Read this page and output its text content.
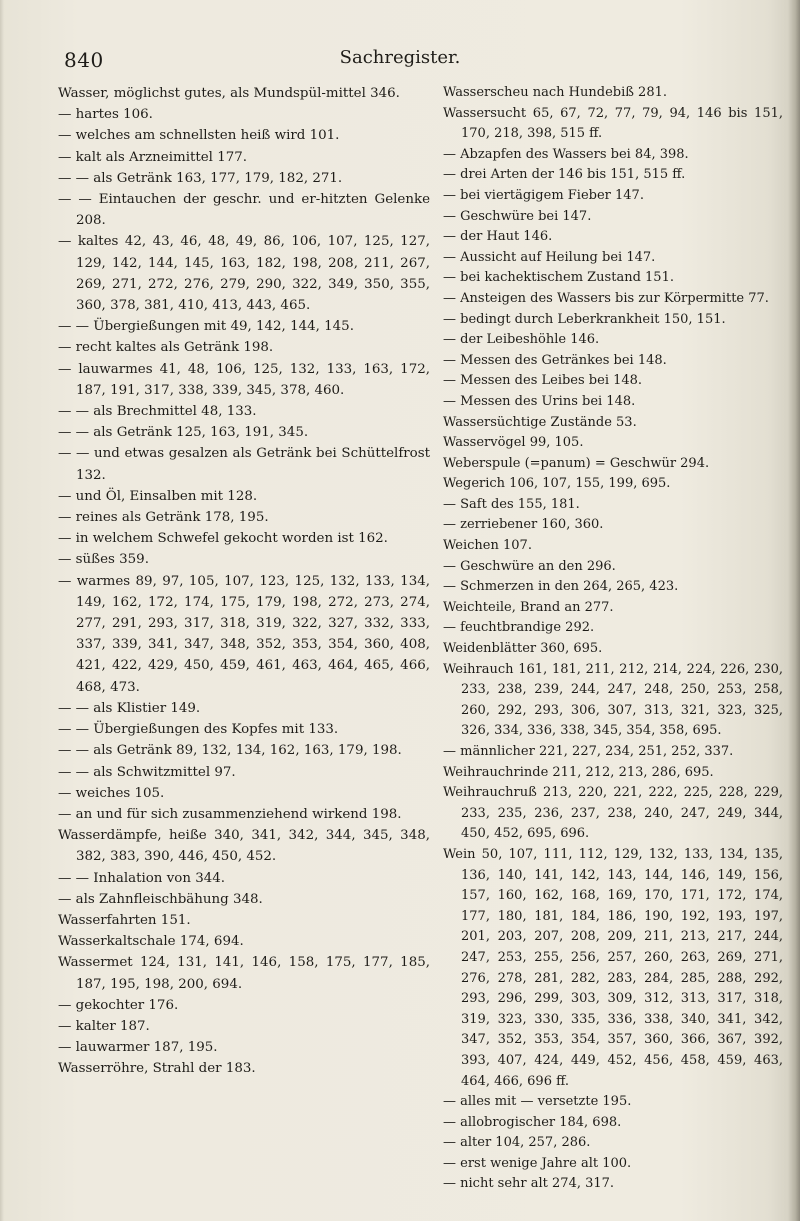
840	Sachregister.

Wasser, möglichst gutes, als Mundspül-mittel 346.

— hartes 106.

— welches am schnellsten heiß wird 101.

— kalt als Arzneimittel 177.

— — als Getränk 163, 177, 179, 182, 271.

— — Eintauchen der geschr. und er-hitzten Gelenke 208.

— kaltes 42, 43, 46, 48, 49, 86, 106, 107, 125, 127, 129, 142, 144, 145, 163, 182, 198, 208, 211, 267, 269, 271, 272, 276, 279, 290, 322, 349, 350, 355, 360, 378, 381, 410, 413, 443, 465.

— — Übergießungen mit 49, 142, 144, 145.

— recht kaltes als Getränk 198.

— lauwarmes 41, 48, 106, 125, 132, 133, 163, 172, 187, 191, 317, 338, 339, 345, 378, 460.

— — als Brechmittel 48, 133.

— — als Getränk 125, 163, 191, 345.

— — und etwas gesalzen als Getränk bei Schüttelfrost 132.

— und Öl, Einsalben mit 128.

— reines als Getränk 178, 195.

— in welchem Schwefel gekocht worden ist 162.

— süßes 359.

— warmes 89, 97, 105, 107, 123, 125, 132, 133, 134, 149, 162, 172, 174, 175, 179, 198, 272, 273, 274, 277, 291, 293, 317, 318, 319, 322, 327, 332, 333, 337, 339, 341, 347, 348, 352, 353, 354, 360, 408, 421, 422, 429, 450, 459, 461, 463, 464, 465, 466, 468, 473.

— — als Klistier 149.

— — Übergießungen des Kopfes mit 133.

— — als Getränk 89, 132, 134, 162, 163, 179, 198.

— — als Schwitzmittel 97.

— weiches 105.

— an und für sich zusammenziehend wirkend 198.

Wasserdämpfe, heiße 340, 341, 342, 344, 345, 348, 382, 383, 390, 446, 450, 452.

— — Inhalation von 344.

— als Zahnfleischbähung 348.

Wasserfahrten 151.

Wasserkaltschale 174, 694.

Wassermet 124, 131, 141, 146, 158, 175, 177, 185, 187, 195, 198, 200, 694.

— gekochter 176.

— kalter 187.

— lauwarmer 187, 195.

Wasserröhre, Strahl der 183.

Wasserscheu nach Hundebiß 281.

Wassersucht 65, 67, 72, 77, 79, 94, 146 bis 151, 170, 218, 398, 515 ff.

— Abzapfen des Wassers bei 84, 398.

— drei Arten der 146 bis 151, 515 ff.

— bei viertägigem Fieber 147.

— Geschwüre bei 147.

— der Haut 146.

— Aussicht auf Heilung bei 147.

— bei kachektischem Zustand 151.

— Ansteigen des Wassers bis zur Körpermitte 77.

— bedingt durch Leberkrankheit 150, 151.

— der Leibeshöhle 146.

— Messen des Getränkes bei 148.

— Messen des Leibes bei 148.

— Messen des Urins bei 148.

Wassersüchtige Zustände 53.

Wasservögel 99, 105.

Weberspule (=panum) = Geschwür 294.

Wegerich 106, 107, 155, 199, 695.

— Saft des 155, 181.

— zerriebener 160, 360.

Weichen 107.

— Geschwüre an den 296.

— Schmerzen in den 264, 265, 423.

Weichteile, Brand an 277.

— feuchtbrandige 292.

Weidenblätter 360, 695.

Weihrauch 161, 181, 211, 212, 214, 224, 226, 230, 233, 238, 239, 244, 247, 248, 250, 253, 258, 260, 292, 293, 306, 307, 313, 321, 323, 325, 326, 334, 336, 338, 345, 354, 358, 695.

— männlicher 221, 227, 234, 251, 252, 337.

Weihrauchrinde 211, 212, 213, 286, 695.

Weihrauchruß 213, 220, 221, 222, 225, 228, 229, 233, 235, 236, 237, 238, 240, 247, 249, 344, 450, 452, 695, 696.

Wein 50, 107, 111, 112, 129, 132, 133, 134, 135, 136, 140, 141, 142, 143, 144, 146, 149, 156, 157, 160, 162, 168, 169, 170, 171, 172, 174, 177, 180, 181, 184, 186, 190, 192, 193, 197, 201, 203, 207, 208, 209, 211, 213, 217, 244, 247, 253, 255, 256, 257, 260, 263, 269, 271, 276, 278, 281, 282, 283, 284, 285, 288, 292, 293, 296, 299, 303, 309, 312, 313, 317, 318, 319, 323, 330, 335, 336, 338, 340, 341, 342, 347, 352, 353, 354, 357, 360, 366, 367, 392, 393, 407, 424, 449, 452, 456, 458, 459, 463, 464, 466, 696 ff.

— alles mit — versetzte 195.

— allobrogischer 184, 698.

— alter 104, 257, 286.

— erst wenige Jahre alt 100.

— nicht sehr alt 274, 317.
